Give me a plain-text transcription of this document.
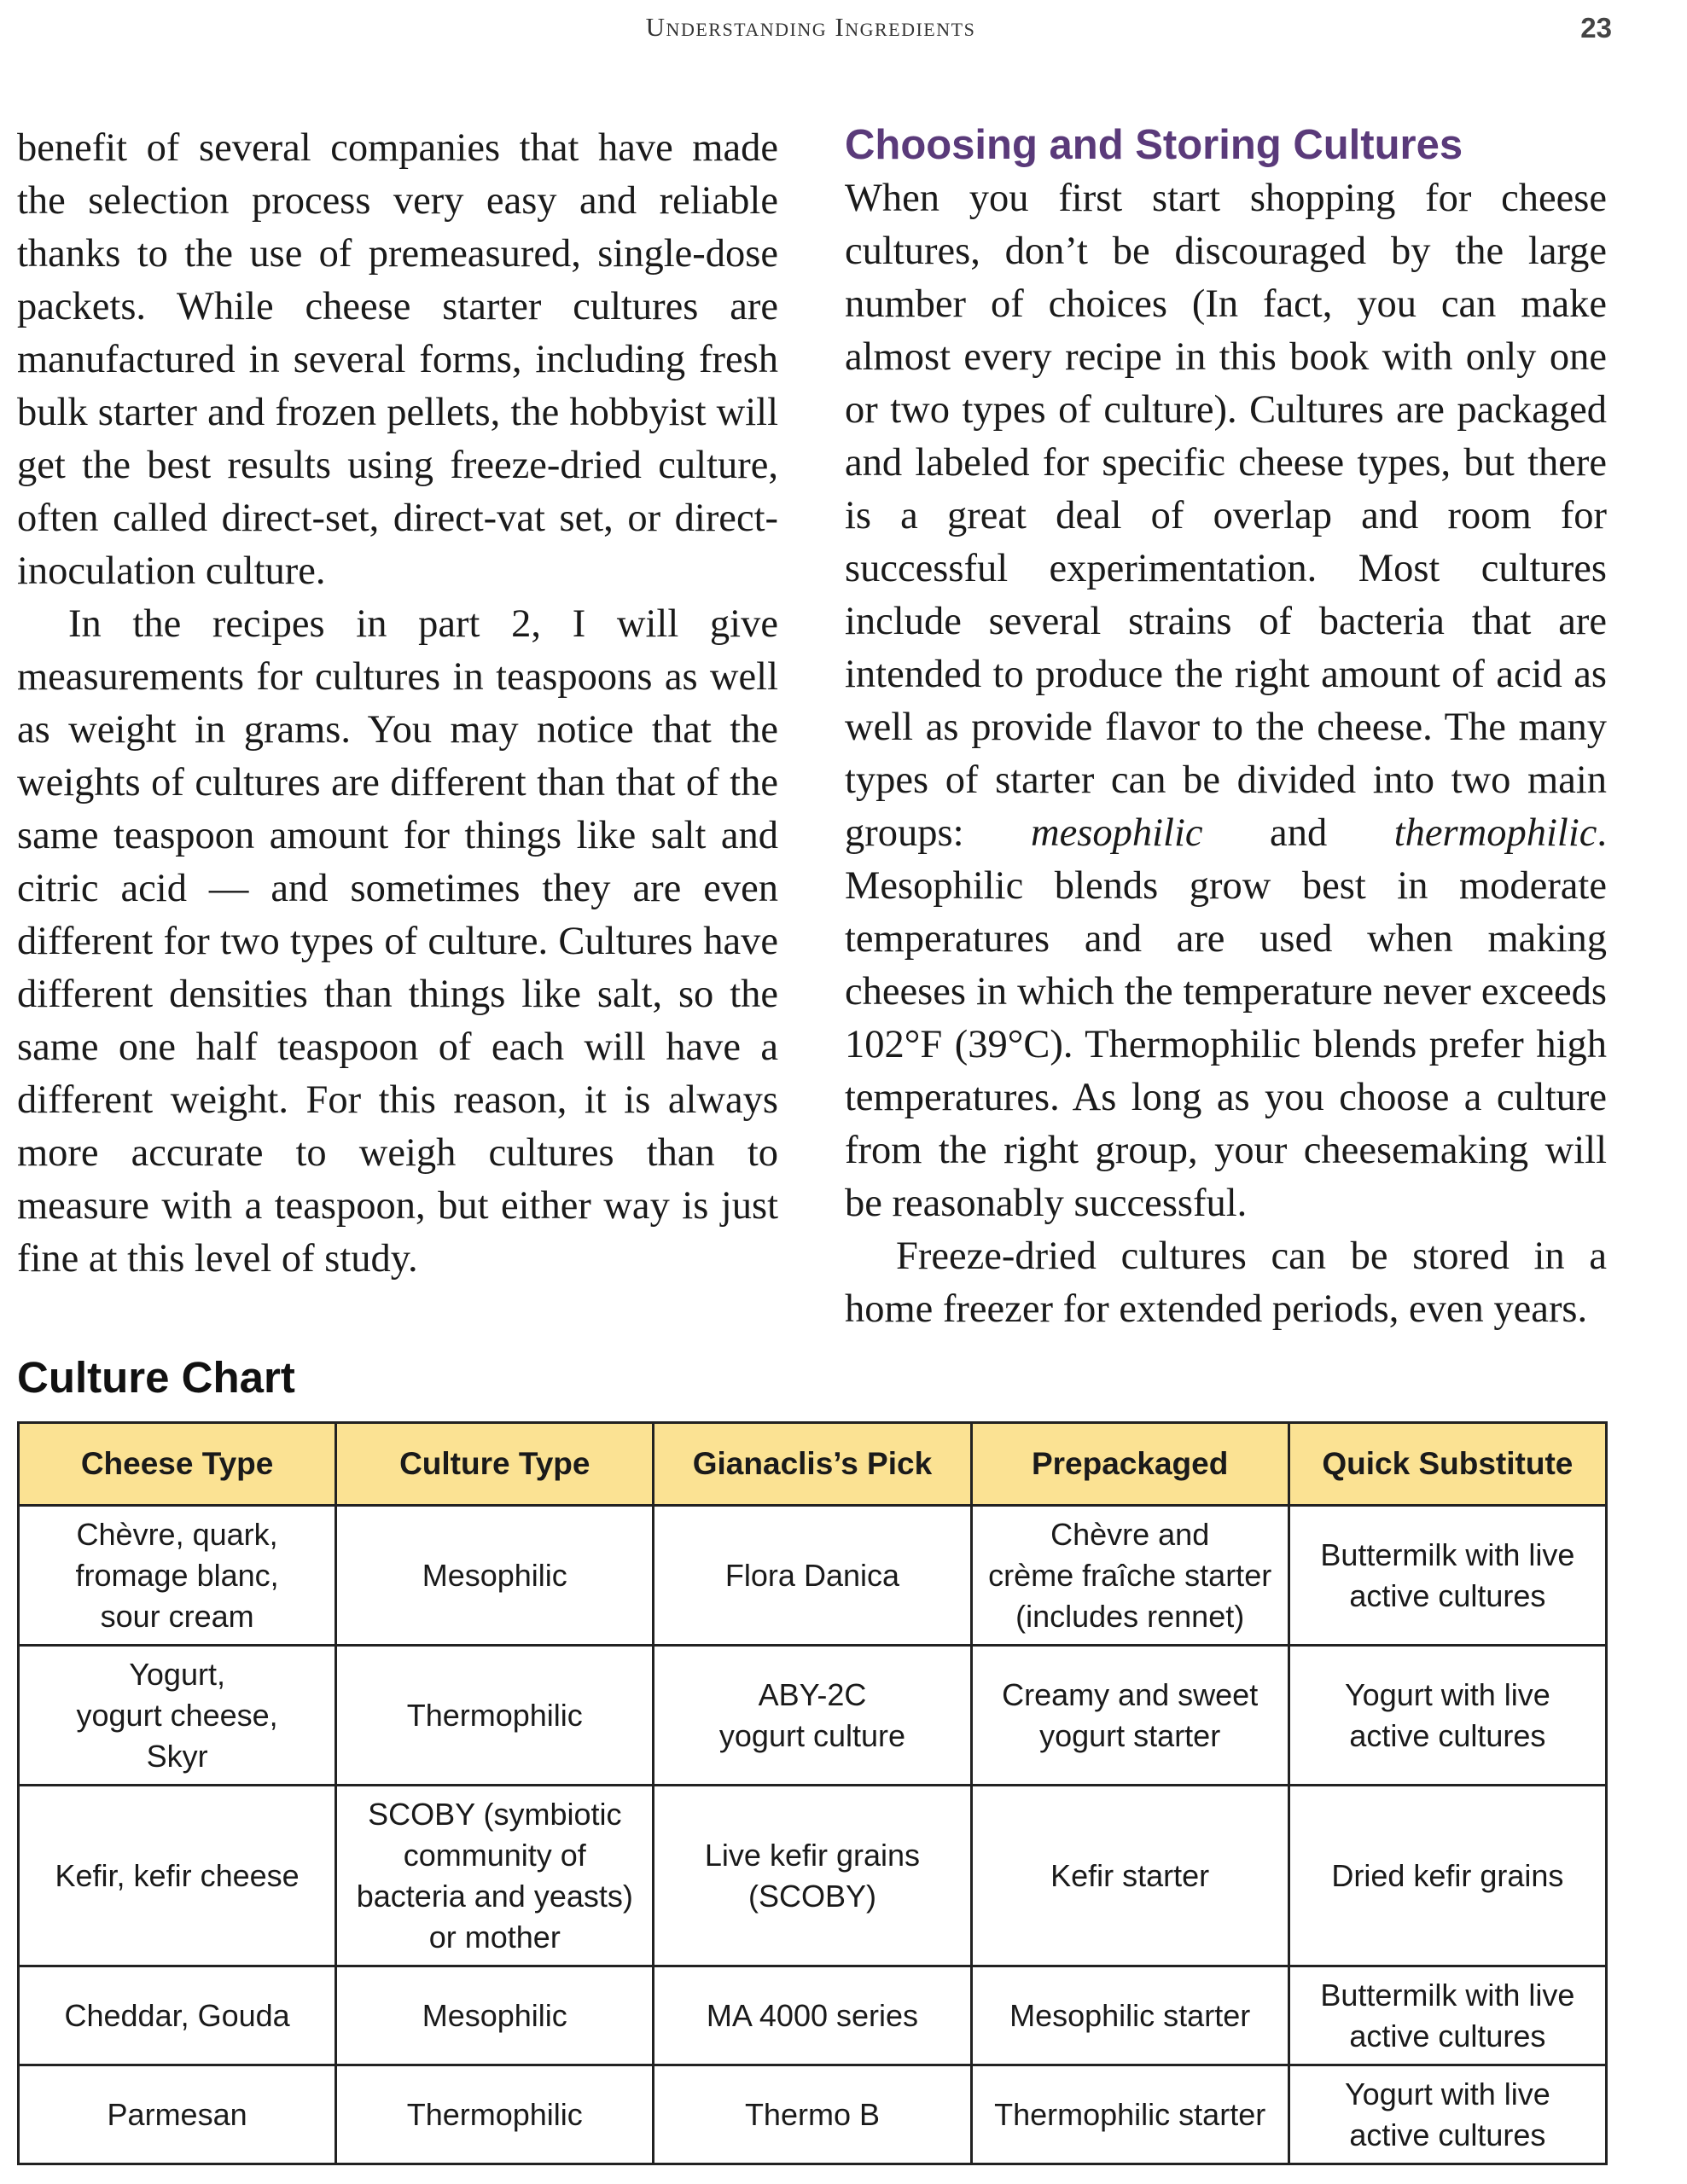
Understanding Ingredients	23

benefit of several companies that have made the selection process very easy and reliable thanks to the use of premeasured, single-dose packets. While cheese starter cultures are manufactured in several forms, including fresh bulk starter and frozen pellets, the hobbyist will get the best results using freeze-dried culture, often called direct-set, direct-vat set, or direct-inoculation culture.

In the recipes in part 2, I will give measurements for cultures in teaspoons as well as weight in grams. You may notice that the weights of cultures are different than that of the same teaspoon amount for things like salt and citric acid — and sometimes they are even different for two types of culture. Cultures have different densities than things like salt, so the same one half teaspoon of each will have a different weight. For this reason, it is always more accurate to weigh cultures than to measure with a teaspoon, but either way is just fine at this level of study.

Choosing and Storing Cultures

When you first start shopping for cheese cultures, don’t be discouraged by the large number of choices (In fact, you can make almost every recipe in this book with only one or two types of culture). Cultures are packaged and labeled for specific cheese types, but there is a great deal of overlap and room for successful experimentation. Most cultures include several strains of bacteria that are intended to produce the right amount of acid as well as provide flavor to the cheese. The many types of starter can be divided into two main groups: mesophilic and thermophilic. Mesophilic blends grow best in moderate temperatures and are used when making cheeses in which the temperature never exceeds 102°F (39°C). Thermophilic blends prefer high temperatures. As long as you choose a culture from the right group, your cheesemaking will be reasonably successful.

Freeze-dried cultures can be stored in a home freezer for extended periods, even years.

Culture Chart
Cheese Type	Culture Type	Gianaclis’s Pick	Prepackaged	Quick Substitute

Chèvre, quark,
fromage blanc,
sour cream	Mesophilic	Flora Danica	Chèvre and
crème fraîche starter
(includes rennet)	Buttermilk with live
active cultures

Yogurt,
yogurt cheese,
Skyr	Thermophilic	ABY-2C
yogurt culture	Creamy and sweet
yogurt starter	Yogurt with live
active cultures

Kefir, kefir cheese	SCOBY (symbiotic
community of
bacteria and yeasts)
or mother	Live kefir grains
(SCOBY)	Kefir starter	Dried kefir grains

Cheddar, Gouda	Mesophilic	MA 4000 series	Mesophilic starter	Buttermilk with live
active cultures

Parmesan	Thermophilic	Thermo B	Thermophilic starter	Yogurt with live
active cultures
